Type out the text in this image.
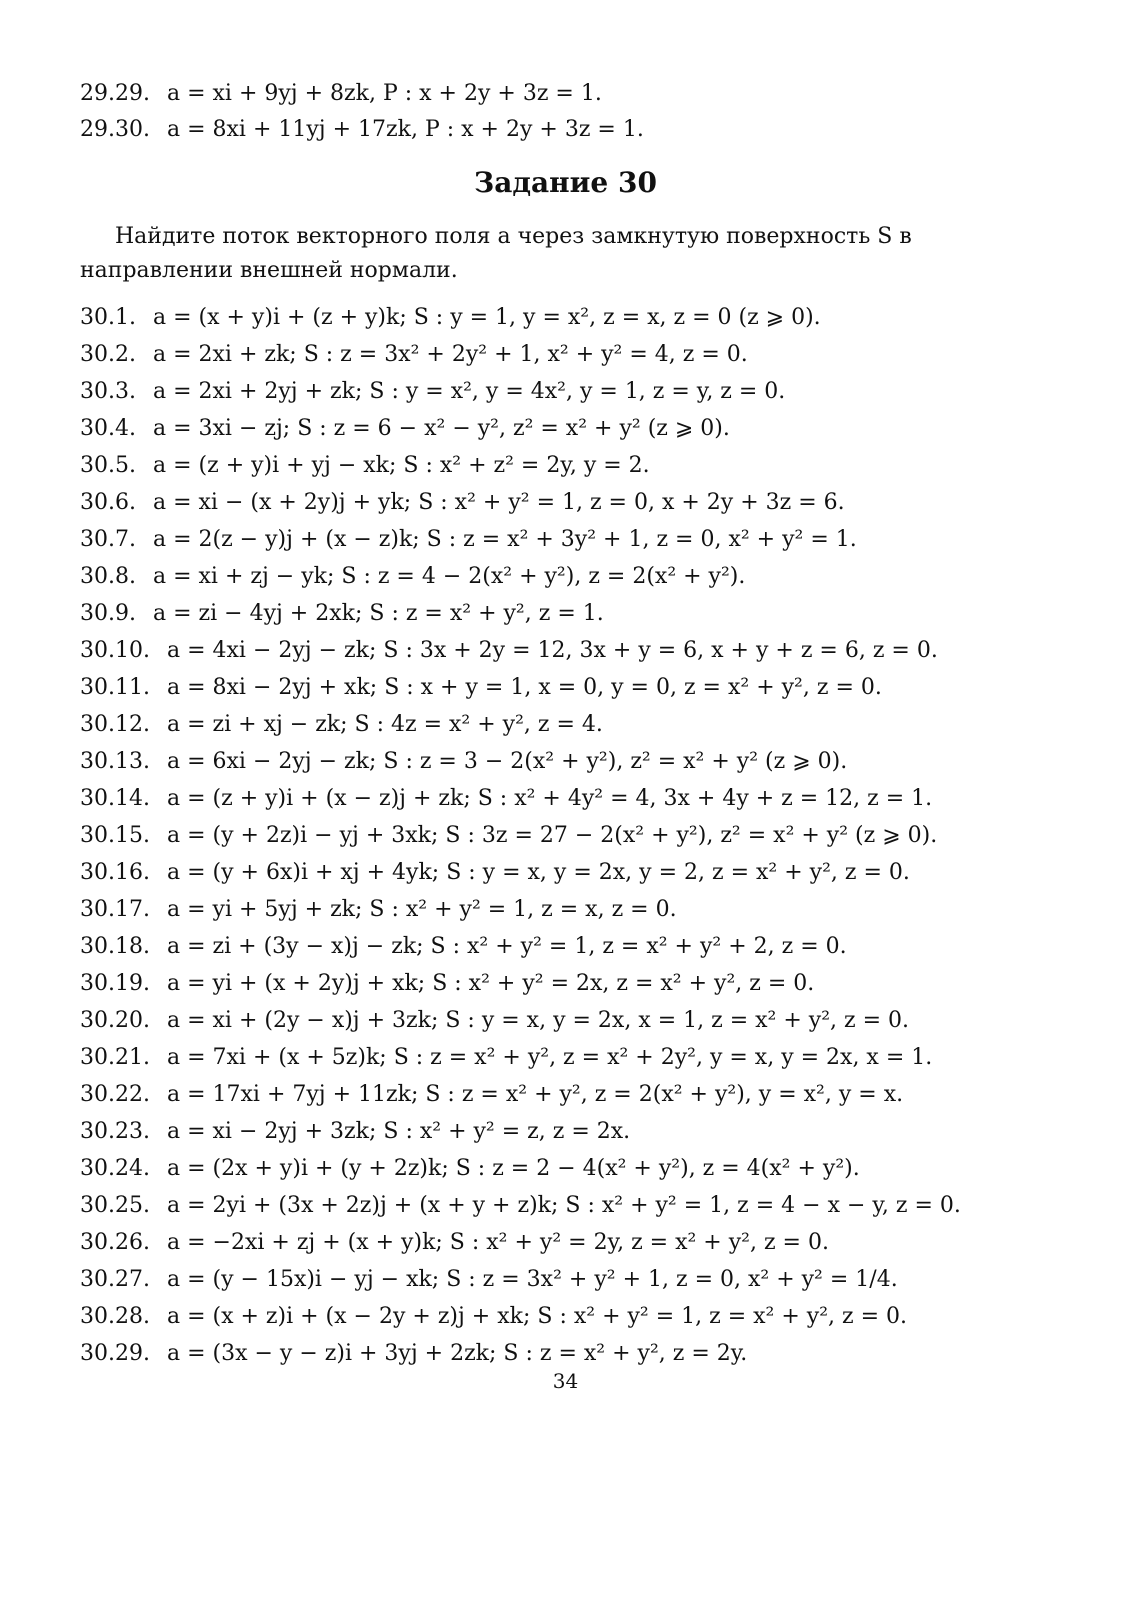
29.29. a = xi + 9yj + 8zk, P : x + 2y + 3z = 1.
29.30. a = 8xi + 11yj + 17zk, P : x + 2y + 3z = 1.
Задание 30
Найдите поток векторного поля a через замкнутую поверхность S в
направлении внешней нормали.
30.1. a = (x + y)i + (z + y)k; S : y = 1, y = x², z = x, z = 0 (z ⩾ 0).
30.2. a = 2xi + zk; S : z = 3x² + 2y² + 1, x² + y² = 4, z = 0.
30.3. a = 2xi + 2yj + zk; S : y = x², y = 4x², y = 1, z = y, z = 0.
30.4. a = 3xi − zj; S : z = 6 − x² − y², z² = x² + y² (z ⩾ 0).
30.5. a = (z + y)i + yj − xk; S : x² + z² = 2y, y = 2.
30.6. a = xi − (x + 2y)j + yk; S : x² + y² = 1, z = 0, x + 2y + 3z = 6.
30.7. a = 2(z − y)j + (x − z)k; S : z = x² + 3y² + 1, z = 0, x² + y² = 1.
30.8. a = xi + zj − yk; S : z = 4 − 2(x² + y²), z = 2(x² + y²).
30.9. a = zi − 4yj + 2xk; S : z = x² + y², z = 1.
30.10. a = 4xi − 2yj − zk; S : 3x + 2y = 12, 3x + y = 6, x + y + z = 6, z = 0.
30.11. a = 8xi − 2yj + xk; S : x + y = 1, x = 0, y = 0, z = x² + y², z = 0.
30.12. a = zi + xj − zk; S : 4z = x² + y², z = 4.
30.13. a = 6xi − 2yj − zk; S : z = 3 − 2(x² + y²), z² = x² + y² (z ⩾ 0).
30.14. a = (z + y)i + (x − z)j + zk; S : x² + 4y² = 4, 3x + 4y + z = 12, z = 1.
30.15. a = (y + 2z)i − yj + 3xk; S : 3z = 27 − 2(x² + y²), z² = x² + y² (z ⩾ 0).
30.16. a = (y + 6x)i + xj + 4yk; S : y = x, y = 2x, y = 2, z = x² + y², z = 0.
30.17. a = yi + 5yj + zk; S : x² + y² = 1, z = x, z = 0.
30.18. a = zi + (3y − x)j − zk; S : x² + y² = 1, z = x² + y² + 2, z = 0.
30.19. a = yi + (x + 2y)j + xk; S : x² + y² = 2x, z = x² + y², z = 0.
30.20. a = xi + (2y − x)j + 3zk; S : y = x, y = 2x, x = 1, z = x² + y², z = 0.
30.21. a = 7xi + (x + 5z)k; S : z = x² + y², z = x² + 2y², y = x, y = 2x, x = 1.
30.22. a = 17xi + 7yj + 11zk; S : z = x² + y², z = 2(x² + y²), y = x², y = x.
30.23. a = xi − 2yj + 3zk; S : x² + y² = z, z = 2x.
30.24. a = (2x + y)i + (y + 2z)k; S : z = 2 − 4(x² + y²), z = 4(x² + y²).
30.25. a = 2yi + (3x + 2z)j + (x + y + z)k; S : x² + y² = 1, z = 4 − x − y, z = 0.
30.26. a = −2xi + zj + (x + y)k; S : x² + y² = 2y, z = x² + y², z = 0.
30.27. a = (y − 15x)i − yj − xk; S : z = 3x² + y² + 1, z = 0, x² + y² = 1/4.
30.28. a = (x + z)i + (x − 2y + z)j + xk; S : x² + y² = 1, z = x² + y², z = 0.
30.29. a = (3x − y − z)i + 3yj + 2zk; S : z = x² + y², z = 2y.
34
